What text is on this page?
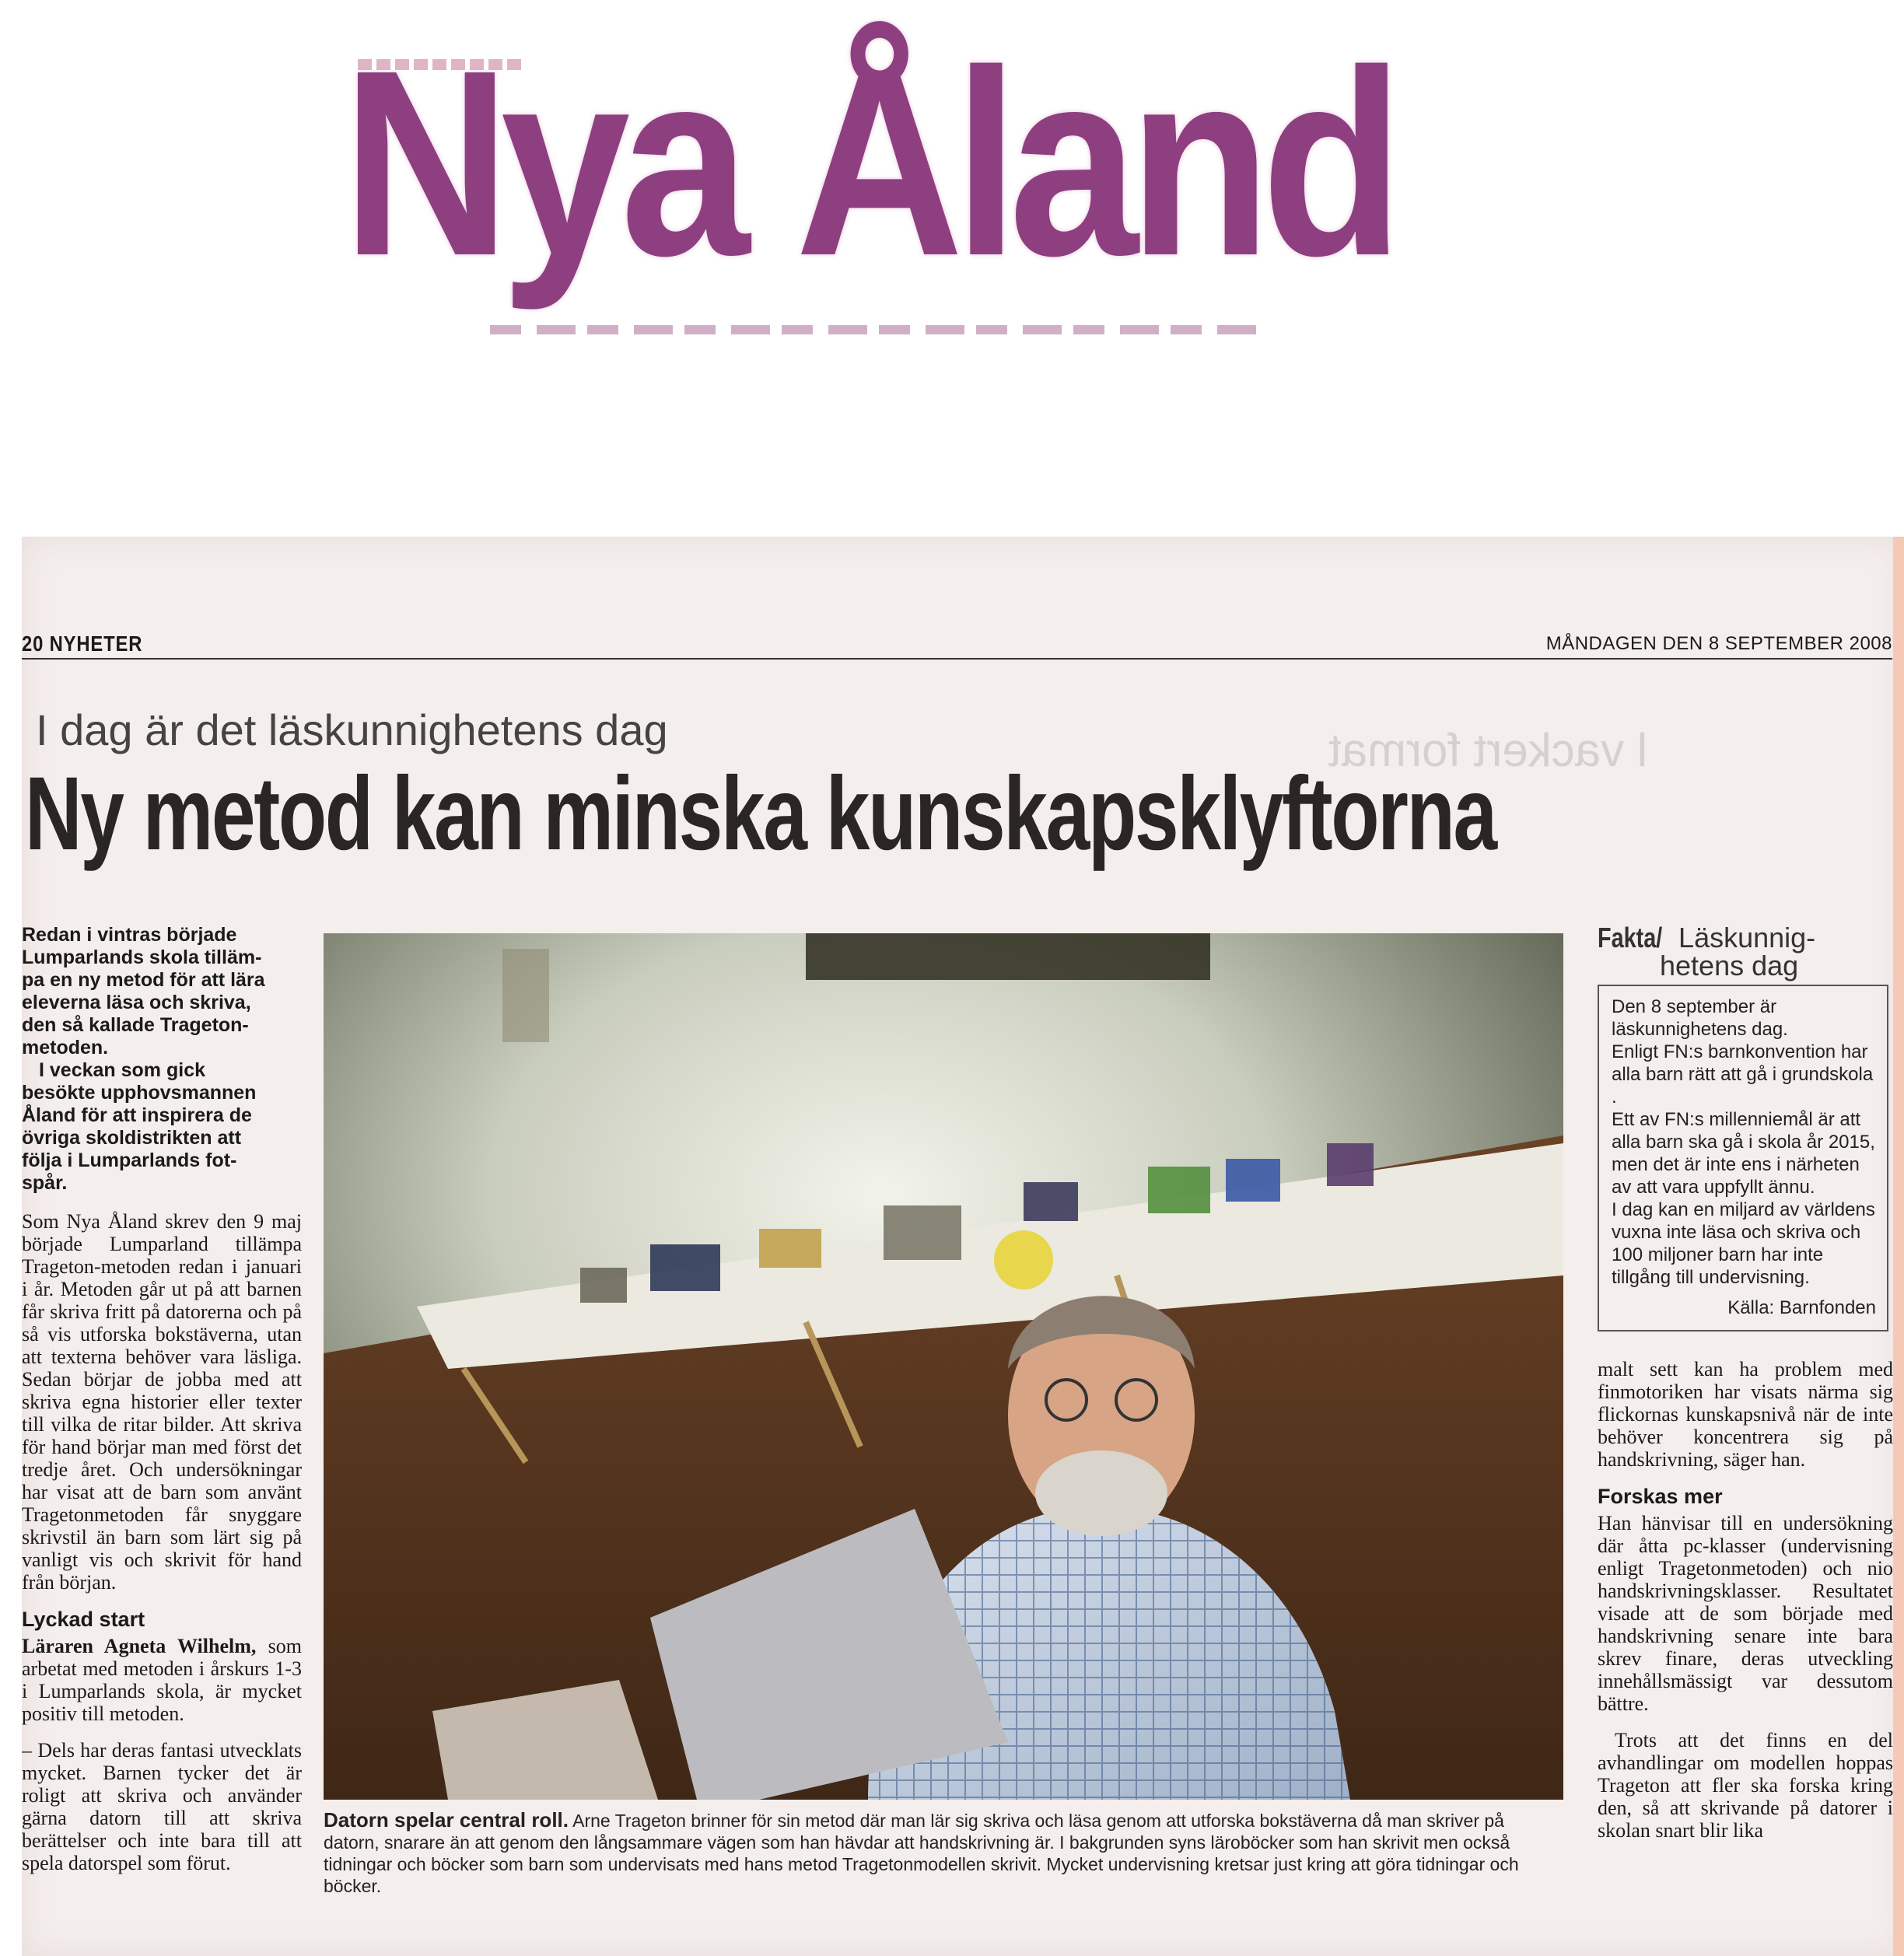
Nya Åland
20 NYHETER	MÅNDAGEN DEN 8 SEPTEMBER 2008
I dag är det läskunnighetens dag
Ny metod kan minska kunskapsklyftorna
Redan i vintras började
Lumparlands skola tilläm-
pa en ny metod för att lära
eleverna läsa och skriva,
den så kallade Trageton-
metoden.
I veckan som gick
besökte upphovsmannen
Åland för att inspirera de
övriga skoldistrikten att
följa i Lumparlands fot-
spår.

Som Nya Åland skrev den 9 maj började Lumparland tillämpa Trageton-metoden redan i januari i år. Metoden går ut på att barnen får skriva fritt på datorerna och på så vis utforska bokstäverna, utan att texterna behöver vara läsliga. Sedan börjar de jobba med att skriva egna historier eller texter till vilka de ritar bilder. Att skriva för hand börjar man med först det tredje året. Och undersökningar har visat att de barn som använt Tragetonmetoden får snyggare skrivstil än barn som lärt sig på vanligt vis och skrivit för hand från början.

Lyckad start

Läraren Agneta Wilhelm, som arbetat med metoden i årskurs 1-3 i Lumparlands skola, är mycket positiv till metoden.

– Dels har deras fantasi utvecklats mycket. Barnen tycker det är roligt att skriva och använder gärna datorn till att skriva berättelser och inte bara till att spela datorspel som förut.

Datorn spelar central roll. Arne Trageton brinner för sin metod där man lär sig skriva och läsa genom att utforska bokstäverna då man skriver på datorn, snarare än att genom den långsammare vägen som han hävdar att handskrivning är. I bakgrunden syns läroböcker som han skrivit men också tidningar och böcker som barn som undervisats med hans metod Tragetonmodellen skrivit. Mycket undervisning kretsar just kring att göra tidningar och böcker.
Fakta/ Läskunnig-
hetens dag

Den 8 september är läskunnighetens dag.

Enligt FN:s barnkonvention har alla barn rätt att gå i grundskola .

Ett av FN:s millenniemål är att alla barn ska gå i skola år 2015, men det är inte ens i närheten av att vara uppfyllt ännu.

I dag kan en miljard av världens vuxna inte läsa och skriva och 100 miljoner barn har inte tillgång till undervisning.

Källa: Barnfonden

malt sett kan ha problem med finmotoriken har visats närma sig flickornas kunskapsnivå när de inte behöver koncentrera sig på handskrivning, säger han.

Forskas mer

Han hänvisar till en undersökning där åtta pc-klasser (undervisning enligt Tragetonmetoden) och nio handskrivningsklasser. Resultatet visade att de som började med handskrivning senare inte bara skrev finare, deras utveckling innehållsmässigt var dessutom bättre.

Trots att det finns en del avhandlingar om modellen hoppas Trageton att fler ska forska kring den, så att skrivande på datorer i skolan snart blir lika

l vackert format
